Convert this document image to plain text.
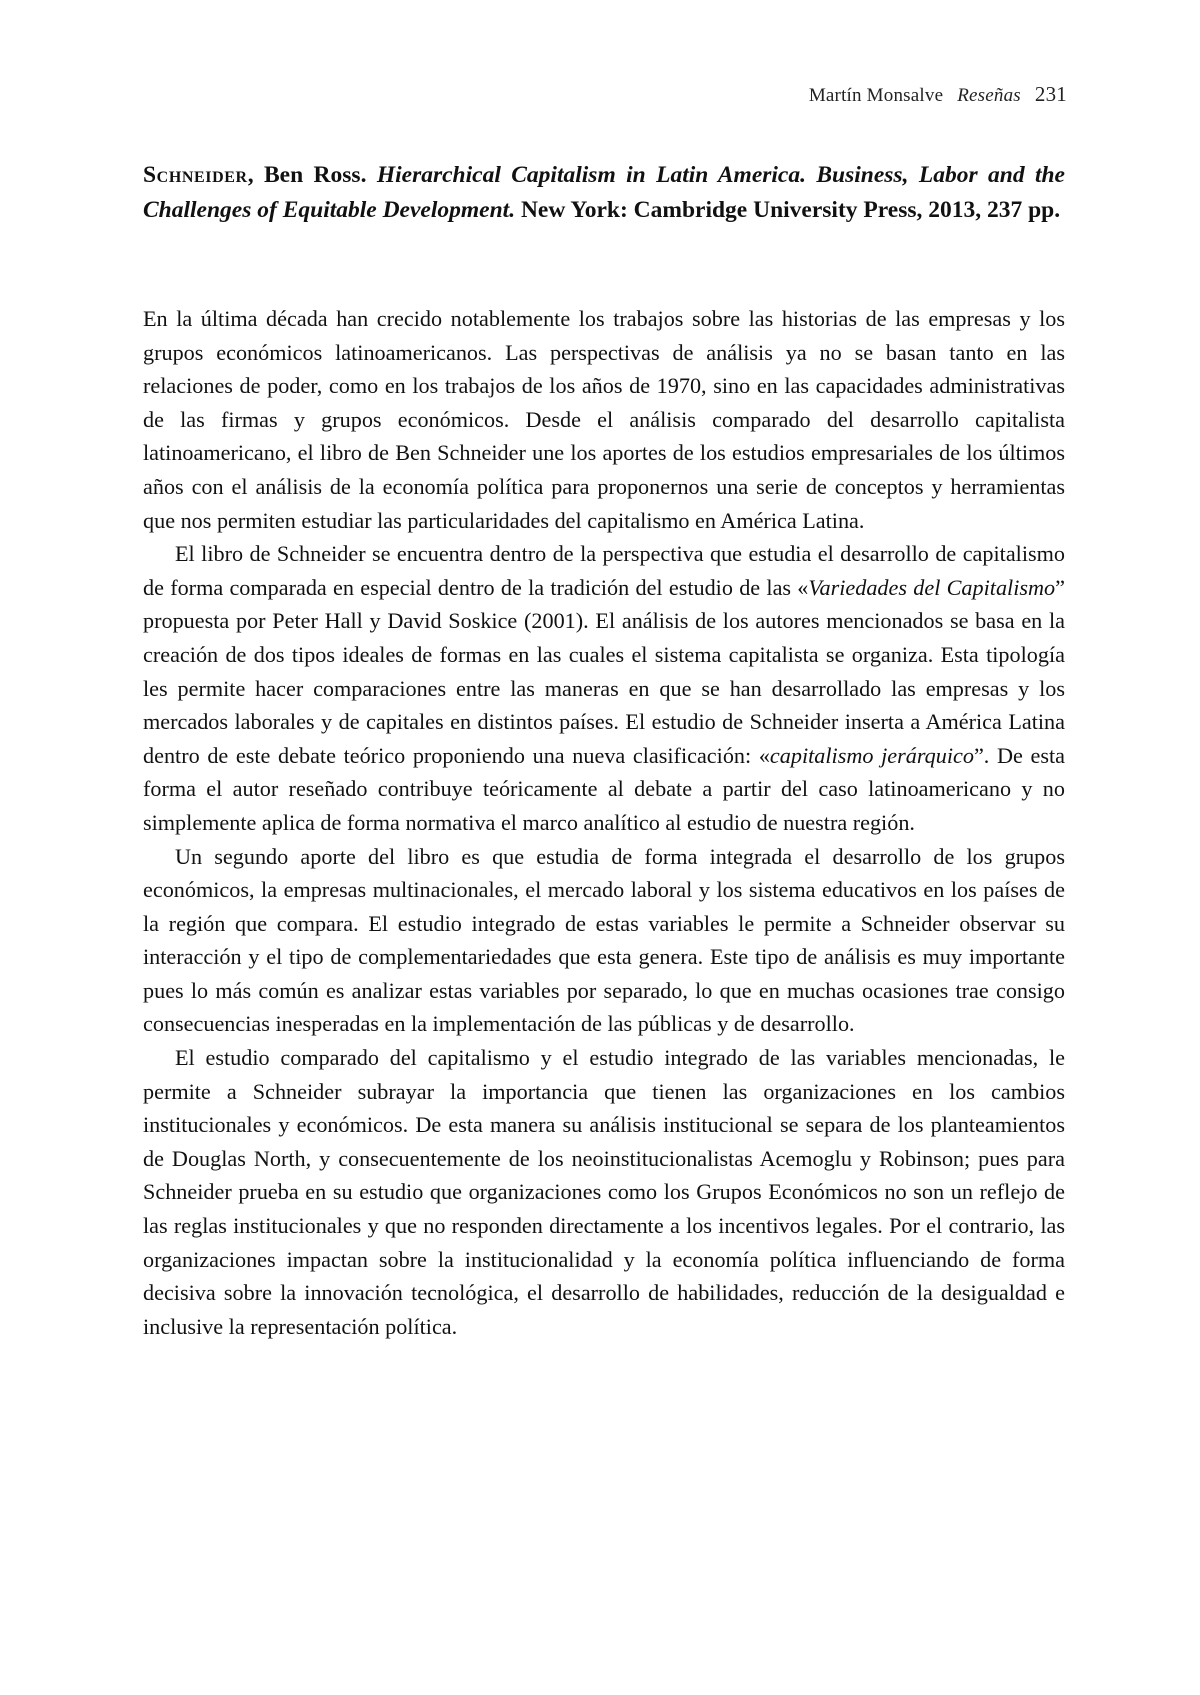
Martín Monsalve Reseñas 231
Schneider, Ben Ross. Hierarchical Capitalism in Latin America. Business, Labor and the Challenges of Equitable Development. New York: Cambridge University Press, 2013, 237 pp.

En la última década han crecido notablemente los trabajos sobre las historias de las empresas y los grupos económicos latinoamericanos. Las perspectivas de análisis ya no se basan tanto en las relaciones de poder, como en los trabajos de los años de 1970, sino en las capacidades administrativas de las firmas y grupos económicos. Desde el análisis comparado del desarrollo capitalista latinoamericano, el libro de Ben Schneider une los aportes de los estudios empresariales de los últimos años con el análisis de la economía política para proponernos una serie de conceptos y herramientas que nos permiten estudiar las particularidades del capitalismo en América Latina.

El libro de Schneider se encuentra dentro de la perspectiva que estudia el desarrollo de capitalismo de forma comparada en especial dentro de la tradición del estudio de las «Variedades del Capitalismo” propuesta por Peter Hall y David Soskice (2001). El análisis de los autores mencionados se basa en la creación de dos tipos ideales de formas en las cuales el sistema capitalista se organiza. Esta tipología les permite hacer comparaciones entre las maneras en que se han desarrollado las empresas y los mercados laborales y de capitales en distintos países. El estudio de Schneider inserta a América Latina dentro de este debate teórico proponiendo una nueva clasificación: «capitalismo jerárquico”. De esta forma el autor reseñado contribuye teóricamente al debate a partir del caso latinoamericano y no simplemente aplica de forma normativa el marco analítico al estudio de nuestra región.

Un segundo aporte del libro es que estudia de forma integrada el desarrollo de los grupos económicos, la empresas multinacionales, el mercado laboral y los sistema educativos en los países de la región que compara. El estudio integrado de estas variables le permite a Schneider observar su interacción y el tipo de complementariedades que esta genera. Este tipo de análisis es muy importante pues lo más común es analizar estas variables por separado, lo que en muchas ocasiones trae consigo consecuencias inesperadas en la implementación de las públicas y de desarrollo.

El estudio comparado del capitalismo y el estudio integrado de las variables mencionadas, le permite a Schneider subrayar la importancia que tienen las organizaciones en los cambios institucionales y económicos. De esta manera su análisis institucional se separa de los planteamientos de Douglas North, y consecuentemente de los neoinstitucionalistas Acemoglu y Robinson; pues para Schneider prueba en su estudio que organizaciones como los Grupos Económicos no son un reflejo de las reglas institucionales y que no responden directamente a los incentivos legales. Por el contrario, las organizaciones impactan sobre la institucionalidad y la economía política influenciando de forma decisiva sobre la innovación tecnológica, el desarrollo de habilidades, reducción de la desigualdad e inclusive la representación política.
